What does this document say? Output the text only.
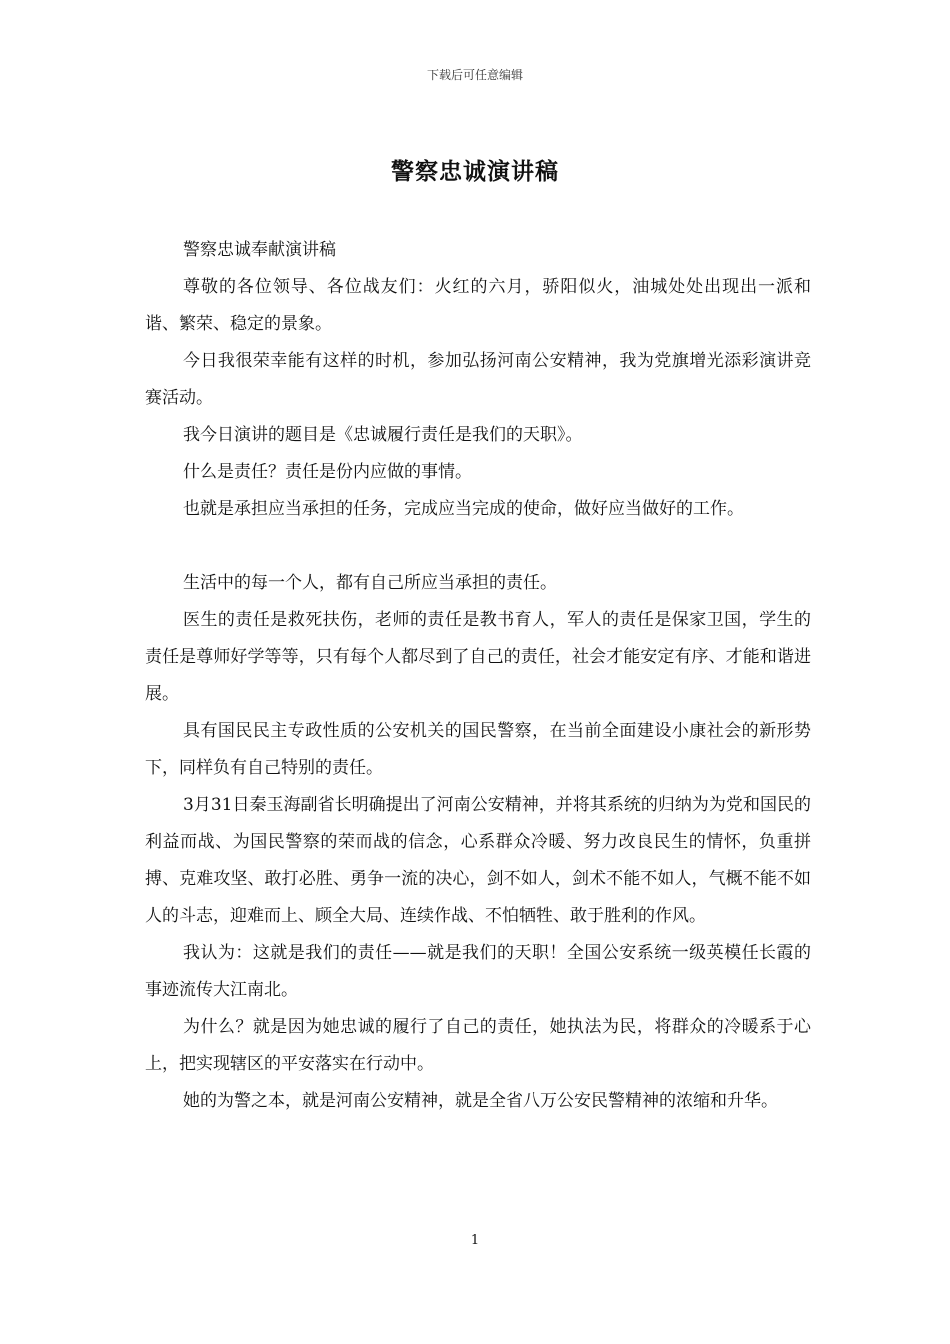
下载后可任意编辑
警察忠诚演讲稿

警察忠诚奉献演讲稿

尊敬的各位领导、各位战友们：火红的六月，骄阳似火，油城处处出现出一派和谐、繁荣、稳定的景象。

今日我很荣幸能有这样的时机，参加弘扬河南公安精神，我为党旗增光添彩演讲竞赛活动。

我今日演讲的题目是《忠诚履行责任是我们的天职》。

什么是责任？责任是份内应做的事情。

也就是承担应当承担的任务，完成应当完成的使命，做好应当做好的工作。

生活中的每一个人，都有自己所应当承担的责任。

医生的责任是救死扶伤，老师的责任是教书育人，军人的责任是保家卫国，学生的责任是尊师好学等等，只有每个人都尽到了自己的责任，社会才能安定有序、才能和谐进展。

具有国民民主专政性质的公安机关的国民警察，在当前全面建设小康社会的新形势下，同样负有自己特别的责任。

3月31日秦玉海副省长明确提出了河南公安精神，并将其系统的归纳为为党和国民的利益而战、为国民警察的荣而战的信念，心系群众冷暖、努力改良民生的情怀，负重拼搏、克难攻坚、敢打必胜、勇争一流的决心，剑不如人，剑术不能不如人，气概不能不如人的斗志，迎难而上、顾全大局、连续作战、不怕牺牲、敢于胜利的作风。

我认为：这就是我们的责任——就是我们的天职！全国公安系统一级英模任长霞的事迹流传大江南北。

为什么？就是因为她忠诚的履行了自己的责任，她执法为民，将群众的冷暖系于心上，把实现辖区的平安落实在行动中。

她的为警之本，就是河南公安精神，就是全省八万公安民警精神的浓缩和升华。

1
